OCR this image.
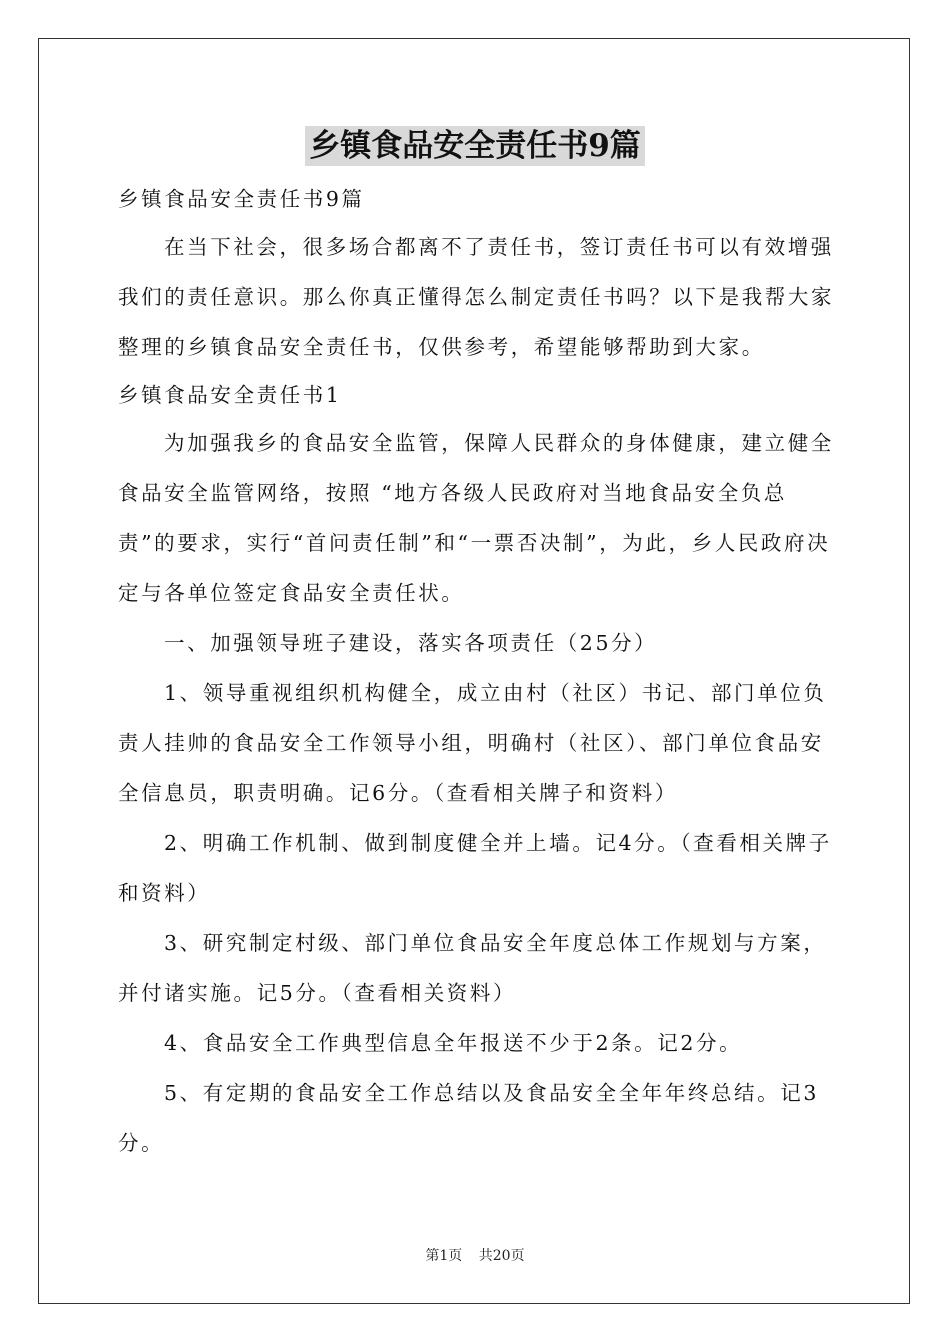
乡镇食品安全责任书9篇

乡镇食品安全责任书9篇

在当下社会，很多场合都离不了责任书，签订责任书可以有效增强我们的责任意识。那么你真正懂得怎么制定责任书吗？以下是我帮大家整理的乡镇食品安全责任书，仅供参考，希望能够帮助到大家。

乡镇食品安全责任书1

为加强我乡的食品安全监管，保障人民群众的身体健康，建立健全食品安全监管网络，按照 “地方各级人民政府对当地食品安全负总责”的要求，实行“首问责任制”和“一票否决制”，为此，乡人民政府决定与各单位签定食品安全责任状。

一、加强领导班子建设，落实各项责任（25分）

1、领导重视组织机构健全，成立由村（社区）书记、部门单位负责人挂帅的食品安全工作领导小组，明确村（社区）、部门单位食品安全信息员，职责明确。记6分。（查看相关牌子和资料）

2、明确工作机制、做到制度健全并上墙。记4分。（查看相关牌子和资料）

3、研究制定村级、部门单位食品安全年度总体工作规划与方案，并付诸实施。记5分。（查看相关资料）

4、食品安全工作典型信息全年报送不少于2条。记2分。

5、有定期的食品安全工作总结以及食品安全全年年终总结。记3分。

第1页 共20页
